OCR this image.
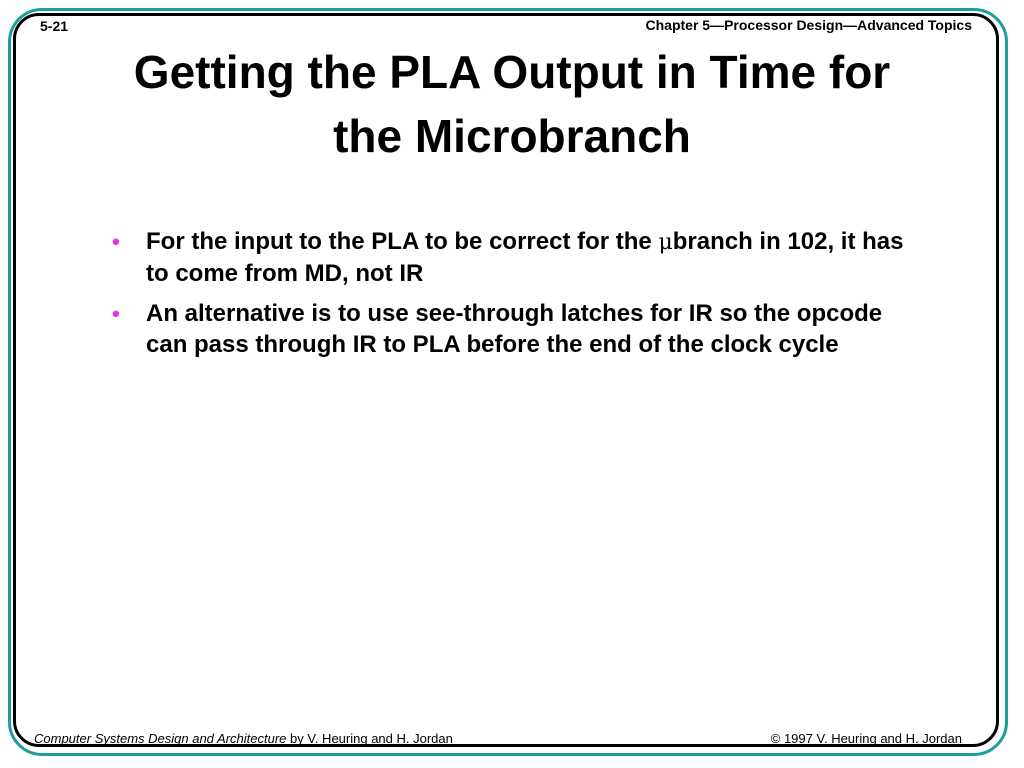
5-21	Chapter 5—Processor Design—Advanced Topics
Getting the PLA Output in Time for
the Microbranch
• For the input to the PLA to be correct for the μbranch in 102, it has to come from MD, not IR
• An alternative is to use see-through latches for IR so the opcode can pass through IR to PLA before the end of the clock cycle
Computer Systems Design and Architecture by V. Heuring and H. Jordan	© 1997 V. Heuring and H. Jordan
